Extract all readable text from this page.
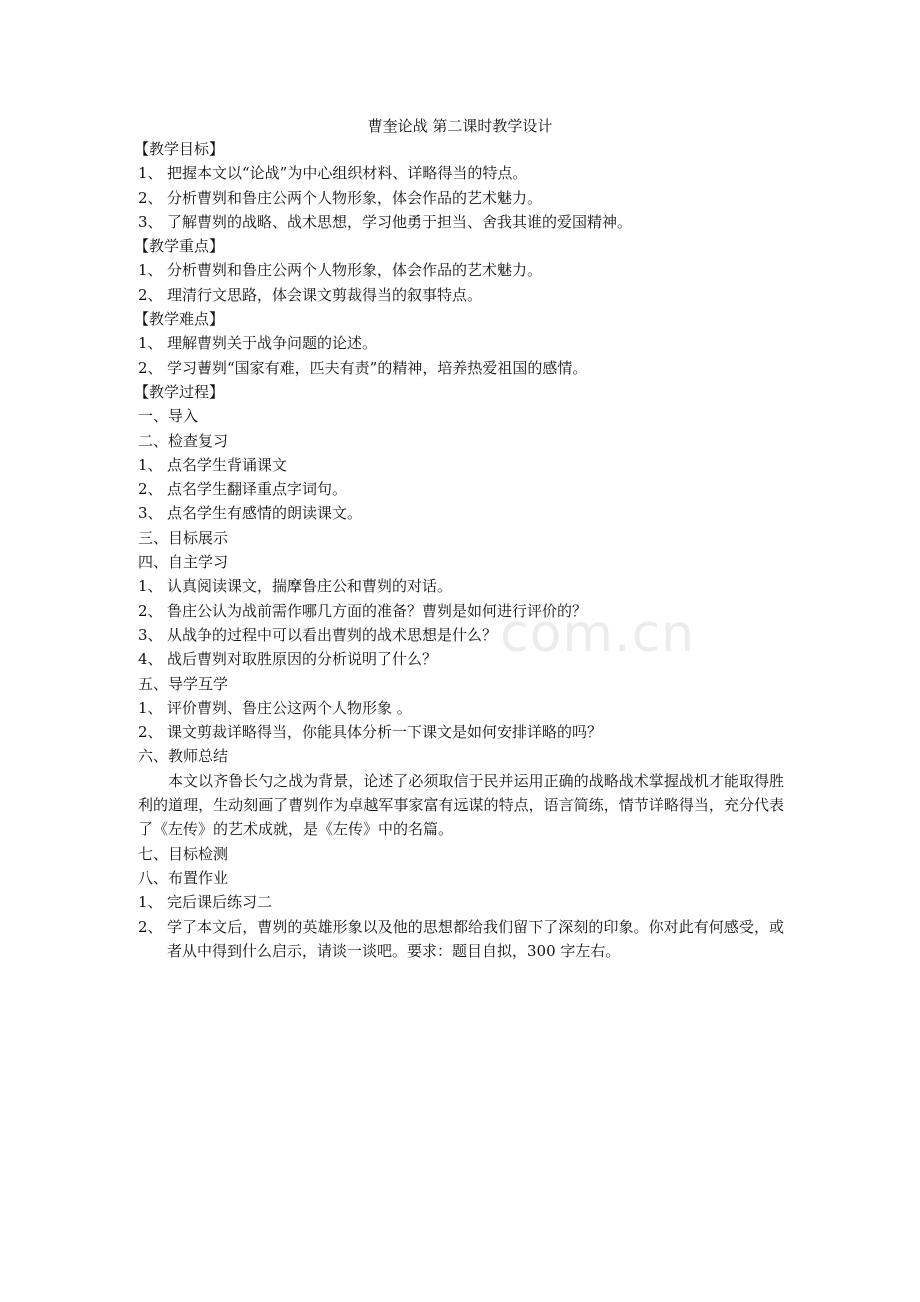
com.cn
曹奎论战 第二课时教学设计
【教学目标】
1、 把握本文以“论战”为中心组织材料、详略得当的特点。
2、 分析曹刿和鲁庄公两个人物形象，体会作品的艺术魅力。
3、 了解曹刿的战略、战术思想，学习他勇于担当、舍我其谁的爱国精神。
【教学重点】
1、 分析曹刿和鲁庄公两个人物形象，体会作品的艺术魅力。
2、 理清行文思路，体会课文剪裁得当的叙事特点。
【教学难点】
1、 理解曹刿关于战争问题的论述。
2、 学习蓸刿“国家有难，匹夫有责”的精神，培养热爱祖国的感情。
【教学过程】
一、导入
二、检查复习
1、 点名学生背诵课文
2、 点名学生翻译重点字词句。
3、 点名学生有感情的朗读课文。
三、目标展示
四、自主学习
1、 认真阅读课文，揣摩鲁庄公和曹刿的对话。
2、 鲁庄公认为战前需作哪几方面的准备？曹刿是如何进行评价的？
3、 从战争的过程中可以看出曹刿的战术思想是什么？
4、 战后曹刿对取胜原因的分析说明了什么？
五、导学互学
1、 评价曹刿、鲁庄公这两个人物形象 。
2、 课文剪裁详略得当，你能具体分析一下课文是如何安排详略的吗？
六、教师总结
本文以齐鲁长勺之战为背景，论述了必须取信于民并运用正确的战略战术掌握战机才能取得胜利的道理，生动刻画了曹刿作为卓越军事家富有远谋的特点，语言简练，情节详略得当，充分代表了《左传》的艺术成就，是《左传》中的名篇。
七、目标检测
八、布置作业
1、 完后课后练习二
2、 学了本文后，曹刿的英雄形象以及他的思想都给我们留下了深刻的印象。你对此有何感受，或者从中得到什么启示，请谈一谈吧。要求：题目自拟，300 字左右。
